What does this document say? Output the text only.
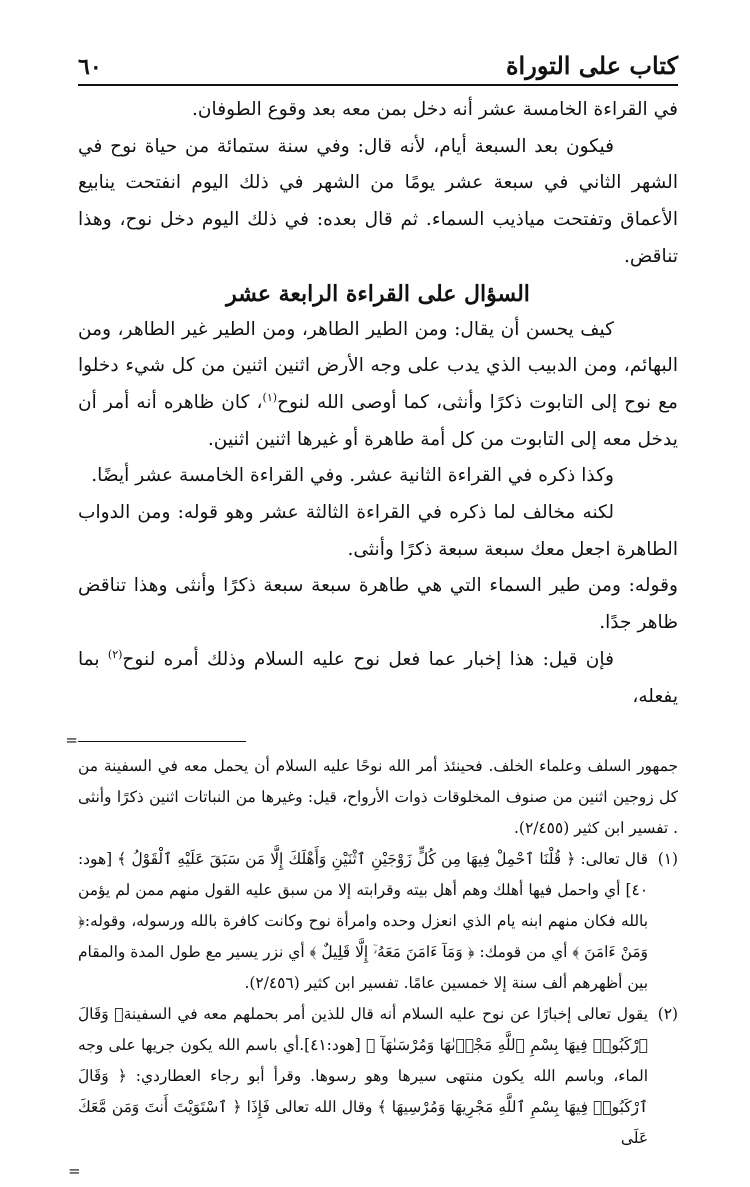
كتاب على التوراة
٦٠

في القراءة الخامسة عشر أنه دخل بمن معه بعد وقوع الطوفان.

فيكون بعد السبعة أيام، لأنه قال: وفي سنة ستمائة من حياة نوح في الشهر الثاني في سبعة عشر يومًا من الشهر في ذلك اليوم انفتحت ينابيع الأعماق وتفتحت مياذيب السماء. ثم قال بعده: في ذلك اليوم دخل نوح، وهذا تناقض.

السؤال على القراءة الرابعة عشر

كيف يحسن أن يقال: ومن الطير الطاهر، ومن الطير غير الطاهر، ومن البهائم، ومن الدبيب الذي يدب على وجه الأرض اثنين اثنين من كل شيء دخلوا مع نوح إلى التابوت ذكرًا وأنثى، كما أوصى الله لنوح$^{(١)}$، كان ظاهره أنه أمر أن يدخل معه إلى التابوت من كل أمة طاهرة أو غيرها اثنين اثنين.

وكذا ذكره في القراءة الثانية عشر. وفي القراءة الخامسة عشر أيضًا.

لكنه مخالف لما ذكره في القراءة الثالثة عشر وهو قوله: ومن الدواب الطاهرة اجعل معك سبعة سبعة ذكرًا وأنثى.

وقوله: ومن طير السماء التي هي طاهرة سبعة سبعة ذكرًا وأنثى وهذا تناقض ظاهر جدًا.

فإن قيل: هذا إخبار عما فعل نوح عليه السلام وذلك أمره لنوح$^{(٢)}$ بما يفعله،

=

جمهور السلف وعلماء الخلف. فحينئذ أمر الله نوحًا عليه السلام أن يحمل معه في السفينة من كل زوجين اثنين من صنوف المخلوقات ذوات الأرواح، قيل: وغيرها من النباتات اثنين ذكرًا وأنثى . تفسير ابن كثير (٢/٤٥٥).

(١)

قال تعالى: ﴿ قُلْنَا ٱحْمِلْ فِيهَا مِن كُلٍّ زَوْجَيْنِ ٱثْنَيْنِ وَأَهْلَكَ إِلَّا مَن سَبَقَ عَلَيْهِ ٱلْقَوْلُ ﴾ [هود: ٤٠] أي واحمل فيها أهلك وهم أهل بيته وقرابته إلا من سبق عليه القول منهم ممن لم يؤمن بالله فكان منهم ابنه يام الذي انعزل وحده وامرأة نوح وكانت كافرة بالله ورسوله، وقوله:﴿ وَمَنْ ءَامَنَ ﴾ أي من قومك: ﴿ وَمَآ ءَامَنَ مَعَهُۥٓ إِلَّا قَلِيلٌ ﴾ أي نزر يسير مع طول المدة والمقام بين أظهرهم ألف سنة إلا خمسين عامًا. تفسير ابن كثير (٢/٤٥٦).

(٢)

يقول تعالى إخبارًا عن نوح عليه السلام أنه قال للذين أمر بحملهم معه في السفينة﴿ وَقَالَ ٱرْكَبُوا۟ فِيهَا بِسْمِ ٱللَّهِ مَجْرٜىٰهَا وَمُرْسَىٰهَآ ﴾ [هود:٤١].أي باسم الله يكون جريها على وجه الماء، وباسم الله يكون منتهى سيرها وهو رسوها. وقرأ أبو رجاء العطاردي: ﴿ وَقَالَ ٱرْكَبُوا۟ فِيهَا بِسْمِ ٱللَّهِ مَجْرِيهَا وَمُرْسِيهَا ﴾ وقال الله تعالى فَإِذَا ﴿ ٱسْتَوَيْتَ أَنتَ وَمَن مَّعَكَ عَلَى

=
